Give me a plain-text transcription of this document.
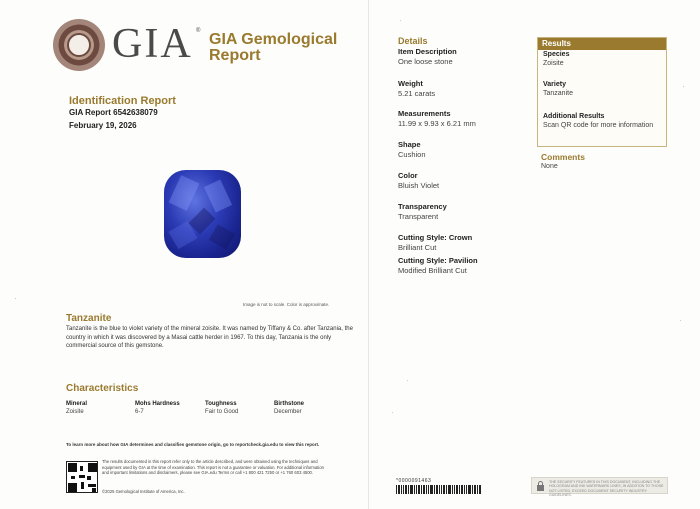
GIA ® GIA Gemological Report
Identification Report
GIA Report 6542638079
February 19, 2026
Image is not to scale. Color is approximate.
Tanzanite
Tanzanite is the blue to violet variety of the mineral zoisite. It was named by Tiffany & Co. after Tanzania, the country in which it was discovered by a Masai cattle herder in 1967. To this day, Tanzania is the only commercial source of this gemstone.
Characteristics
Mineral
Zoisite
Mohs Hardness
6-7
Toughness
Fair to Good
Birthstone
December
To learn more about how GIA determines and classifies gemstone origin, go to reportcheck.gia.edu to view this report.
The results documented in this report refer only to the article described, and were obtained using the techniques and equipment used by GIA at the time of examination. This report is not a guarantee or valuation. For additional information and important limitations and disclaimers, please see GIA.edu Terms or call +1 800 421 7250 or +1 760 603 4500.
©2025 Gemological Institute of America, Inc.
Details
Item Description
One loose stone
Weight
5.21 carats
Measurements
11.99 x 9.93 x 6.21 mm
Shape
Cushion
Color
Bluish Violet
Transparency
Transparent
Cutting Style: Crown
Brilliant Cut
Cutting Style: Pavilion
Modified Brilliant Cut
Results
Species
Zoisite
Variety
Tanzanite
Additional Results
Scan QR code for more information
Comments
None
*0000091463	THE SECURITY FEATURES IN THIS DOCUMENT, INCLUDING THE HOLOGRAM AND INK WATERMARK LINES, IN ADDITION TO THOSE NOT LISTED, EXCEED DOCUMENT SECURITY INDUSTRY GUIDELINES.
